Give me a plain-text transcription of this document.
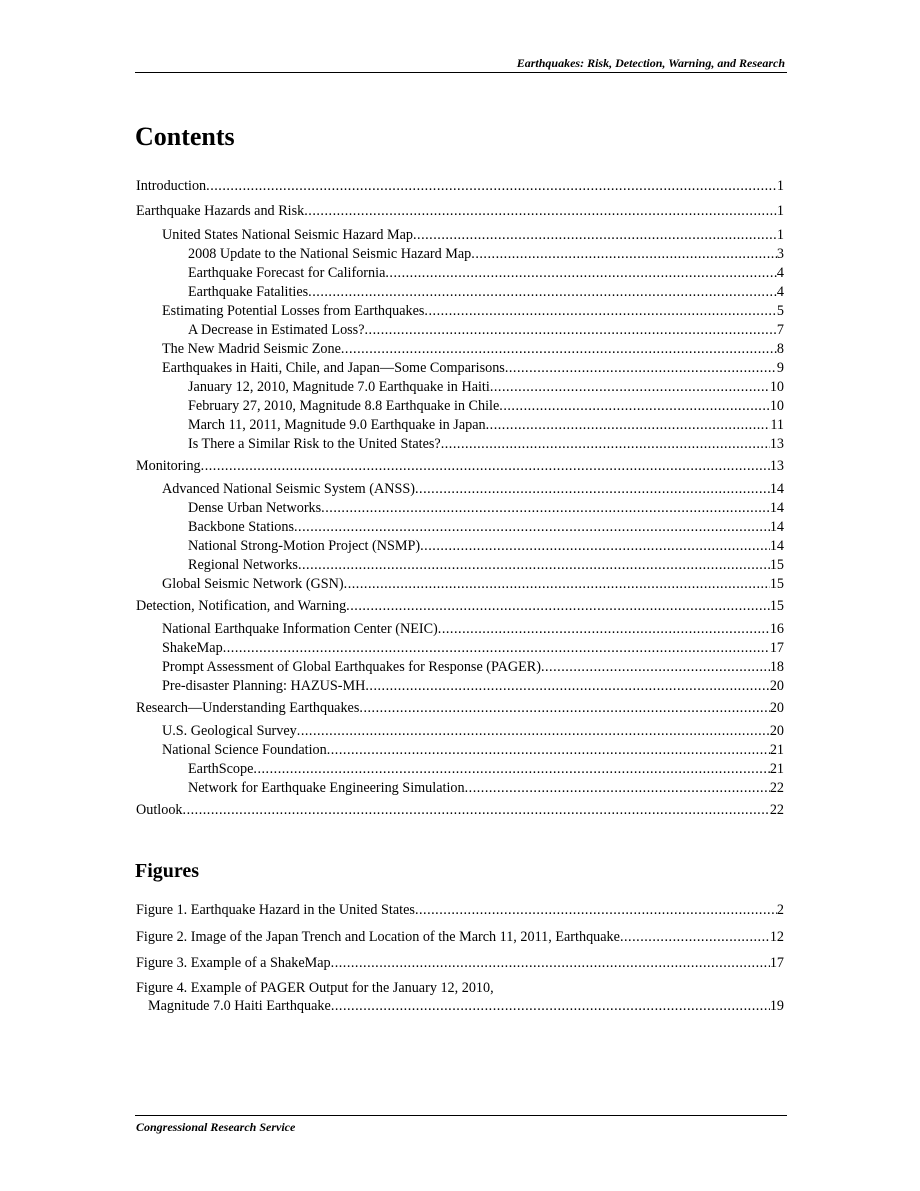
Earthquakes: Risk, Detection, Warning, and Research
Contents
Introduction .....	1
Earthquake Hazards and Risk .....	1
United States National Seismic Hazard Map .....	1
2008 Update to the National Seismic Hazard Map .....	3
Earthquake Forecast for California .....	4
Earthquake Fatalities .....	4
Estimating Potential Losses from Earthquakes .....	5
A Decrease in Estimated Loss? .....	7
The New Madrid Seismic Zone .....	8
Earthquakes in Haiti, Chile, and Japan—Some Comparisons .....	9
January 12, 2010, Magnitude 7.0 Earthquake in Haiti .....	10
February 27, 2010, Magnitude 8.8 Earthquake in Chile .....	10
March 11, 2011, Magnitude 9.0 Earthquake in Japan .....	11
Is There a Similar Risk to the United States? .....	13
Monitoring .....	13
Advanced National Seismic System (ANSS) .....	14
Dense Urban Networks .....	14
Backbone Stations .....	14
National Strong-Motion Project (NSMP) .....	14
Regional Networks .....	15
Global Seismic Network (GSN) .....	15
Detection, Notification, and Warning .....	15
National Earthquake Information Center (NEIC) .....	16
ShakeMap .....	17
Prompt Assessment of Global Earthquakes for Response (PAGER) .....	18
Pre-disaster Planning: HAZUS-MH .....	20
Research—Understanding Earthquakes .....	20
U.S. Geological Survey .....	20
National Science Foundation .....	21
EarthScope .....	21
Network for Earthquake Engineering Simulation .....	22
Outlook .....	22
Figures
Figure 1. Earthquake Hazard in the United States .....	2
Figure 2. Image of the Japan Trench and Location of the March 11, 2011, Earthquake .....	12
Figure 3. Example of a ShakeMap .....	17
Figure 4. Example of PAGER Output for the January 12, 2010,
Magnitude 7.0 Haiti Earthquake .....	19
Congressional Research Service
